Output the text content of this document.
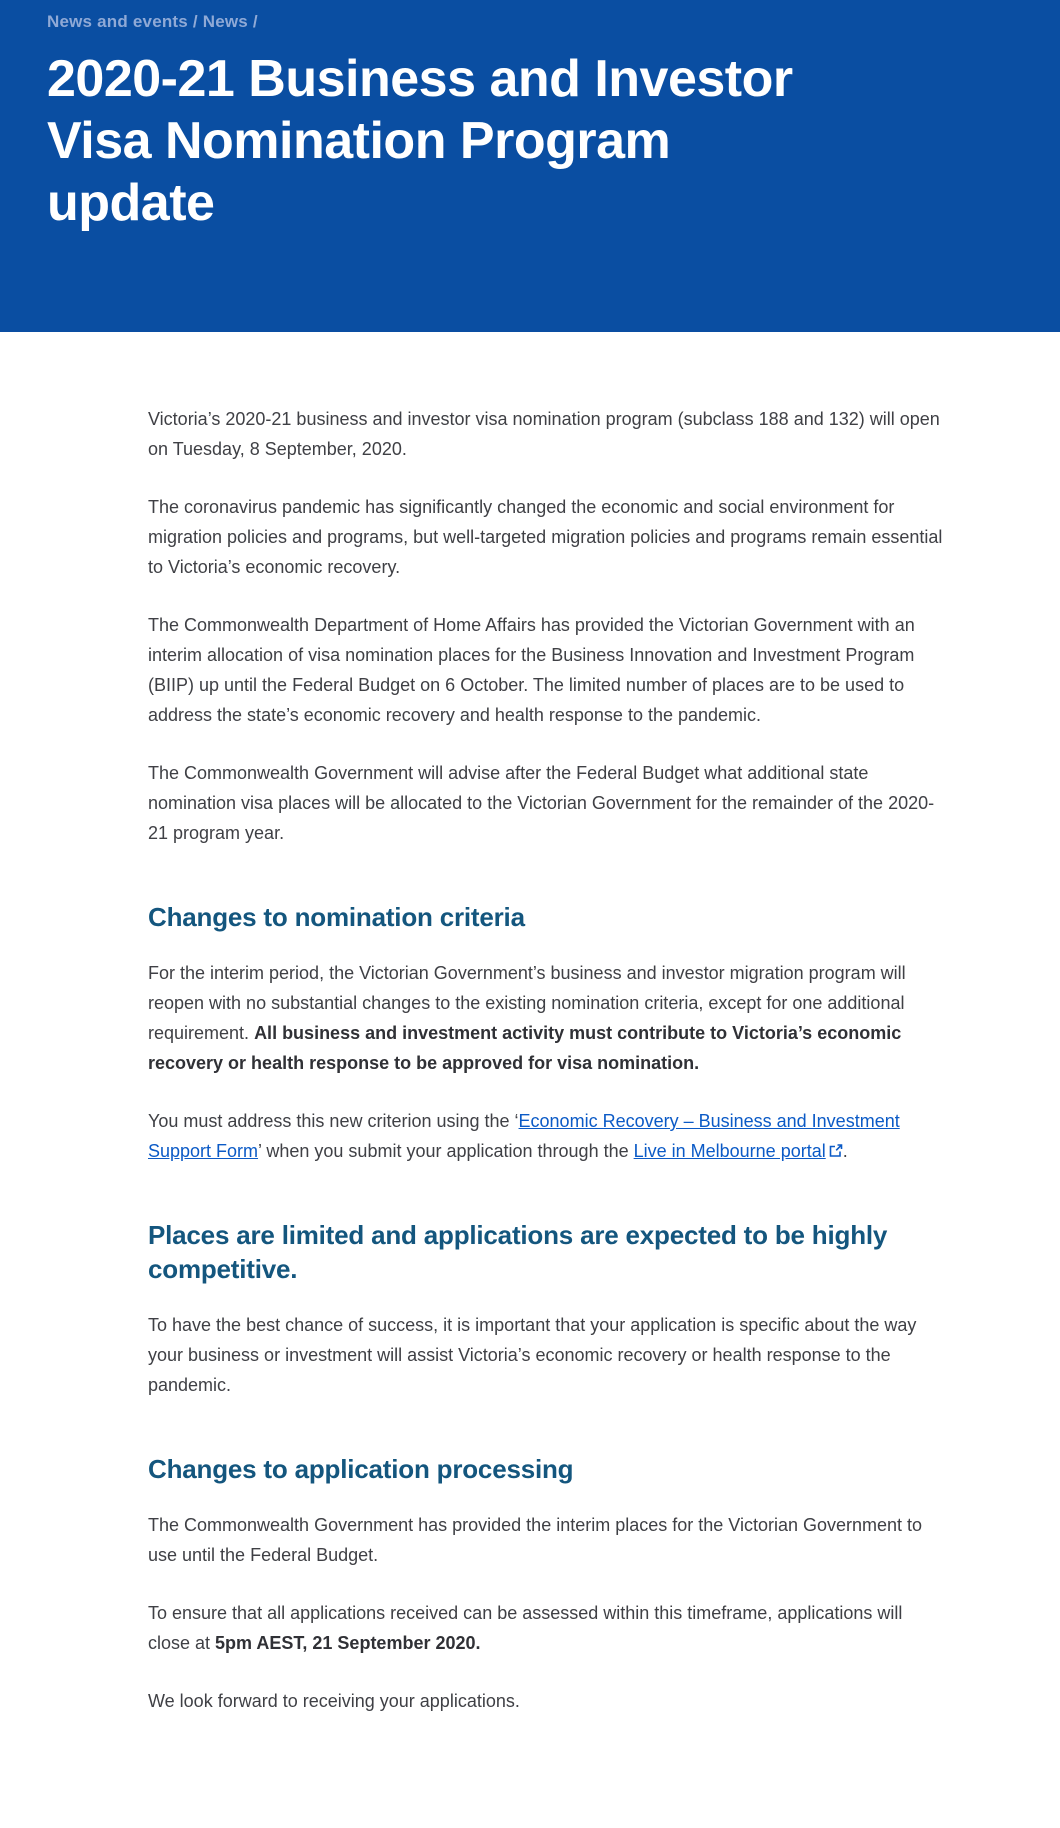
News and events / News /
2020-21 Business and Investor Visa Nomination Program update

Victoria’s 2020-21 business and investor visa nomination program (subclass 188 and 132) will open on Tuesday, 8 September, 2020.

The coronavirus pandemic has significantly changed the economic and social environment for migration policies and programs, but well-targeted migration policies and programs remain essential to Victoria’s economic recovery.

The Commonwealth Department of Home Affairs has provided the Victorian Government with an interim allocation of visa nomination places for the Business Innovation and Investment Program (BIIP) up until the Federal Budget on 6 October. The limited number of places are to be used to address the state’s economic recovery and health response to the pandemic.

The Commonwealth Government will advise after the Federal Budget what additional state nomination visa places will be allocated to the Victorian Government for the remainder of the 2020-21 program year.

Changes to nomination criteria

For the interim period, the Victorian Government’s business and investor migration program will reopen with no substantial changes to the existing nomination criteria, except for one additional requirement. All business and investment activity must contribute to Victoria’s economic recovery or health response to be approved for visa nomination.

You must address this new criterion using the ‘Economic Recovery – Business and Investment Support Form’ when you submit your application through the Live in Melbourne portal .

Places are limited and applications are expected to be highly competitive.

To have the best chance of success, it is important that your application is specific about the way your business or investment will assist Victoria’s economic recovery or health response to the pandemic.

Changes to application processing

The Commonwealth Government has provided the interim places for the Victorian Government to use until the Federal Budget.

To ensure that all applications received can be assessed within this timeframe, applications will close at 5pm AEST, 21 September 2020.

We look forward to receiving your applications.
